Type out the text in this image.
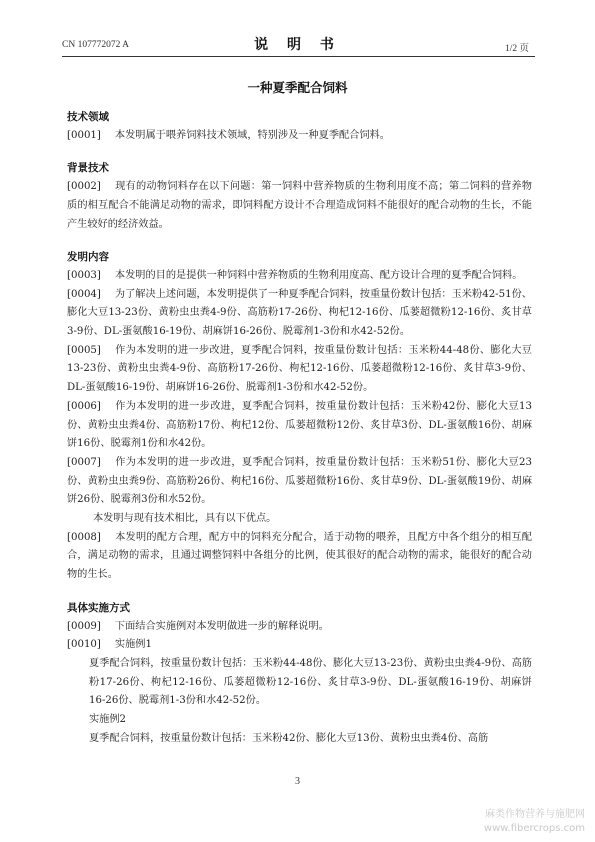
CN 107772072 A	说 明 书	1/2 页
一种夏季配合饲料
技术领域
[0001] 本发明属于喂养饲料技术领域，特别涉及一种夏季配合饲料。
背景技术
[0002] 现有的动物饲料存在以下问题：第一饲料中营养物质的生物利用度不高；第二饲料的营养物质的相互配合不能满足动物的需求，即饲料配方设计不合理造成饲料不能很好的配合动物的生长，不能产生较好的经济效益。
发明内容
[0003] 本发明的目的是提供一种饲料中营养物质的生物利用度高、配方设计合理的夏季配合饲料。
[0004] 为了解决上述问题，本发明提供了一种夏季配合饲料，按重量份数计包括：玉米粉42-51份、膨化大豆13-23份、黄粉虫虫粪4-9份、高筋粉17-26份、枸杞12-16份、瓜蒌超微粉12-16份、炙甘草3-9份、DL-蛋氨酸16-19份、胡麻饼16-26份、脱霉剂1-3份和水42-52份。
[0005] 作为本发明的进一步改进，夏季配合饲料，按重量份数计包括：玉米粉44-48份、膨化大豆13-23份、黄粉虫虫粪4-9份、高筋粉17-26份、枸杞12-16份、瓜蒌超微粉12-16份、炙甘草3-9份、DL-蛋氨酸16-19份、胡麻饼16-26份、脱霉剂1-3份和水42-52份。
[0006] 作为本发明的进一步改进，夏季配合饲料，按重量份数计包括：玉米粉42份、膨化大豆13份、黄粉虫虫粪4份、高筋粉17份、枸杞12份、瓜蒌超微粉12份、炙甘草3份、DL-蛋氨酸16份、胡麻饼16份、脱霉剂1份和水42份。
[0007] 作为本发明的进一步改进，夏季配合饲料，按重量份数计包括：玉米粉51份、膨化大豆23份、黄粉虫虫粪9份、高筋粉26份、枸杞16份、瓜蒌超微粉16份、炙甘草9份、DL-蛋氨酸19份、胡麻饼26份、脱霉剂3份和水52份。
本发明与现有技术相比，具有以下优点。
[0008] 本发明的配方合理，配方中的饲料充分配合，适于动物的喂养，且配方中各个组分的相互配合，满足动物的需求，且通过调整饲料中各组分的比例，使其很好的配合动物的需求，能很好的配合动物的生长。
具体实施方式
[0009] 下面结合实施例对本发明做进一步的解释说明。
[0010] 实施例1
夏季配合饲料，按重量份数计包括：玉米粉44-48份、膨化大豆13-23份、黄粉虫虫粪4-9份、高筋粉17-26份、枸杞12-16份、瓜蒌超微粉12-16份、炙甘草3-9份、DL-蛋氨酸16-19份、胡麻饼16-26份、脱霉剂1-3份和水42-52份。
实施例2
夏季配合饲料，按重量份数计包括：玉米粉42份、膨化大豆13份、黄粉虫虫粪4份、高筋
3
麻类作物营养与施肥网
www.fibercrops.com
